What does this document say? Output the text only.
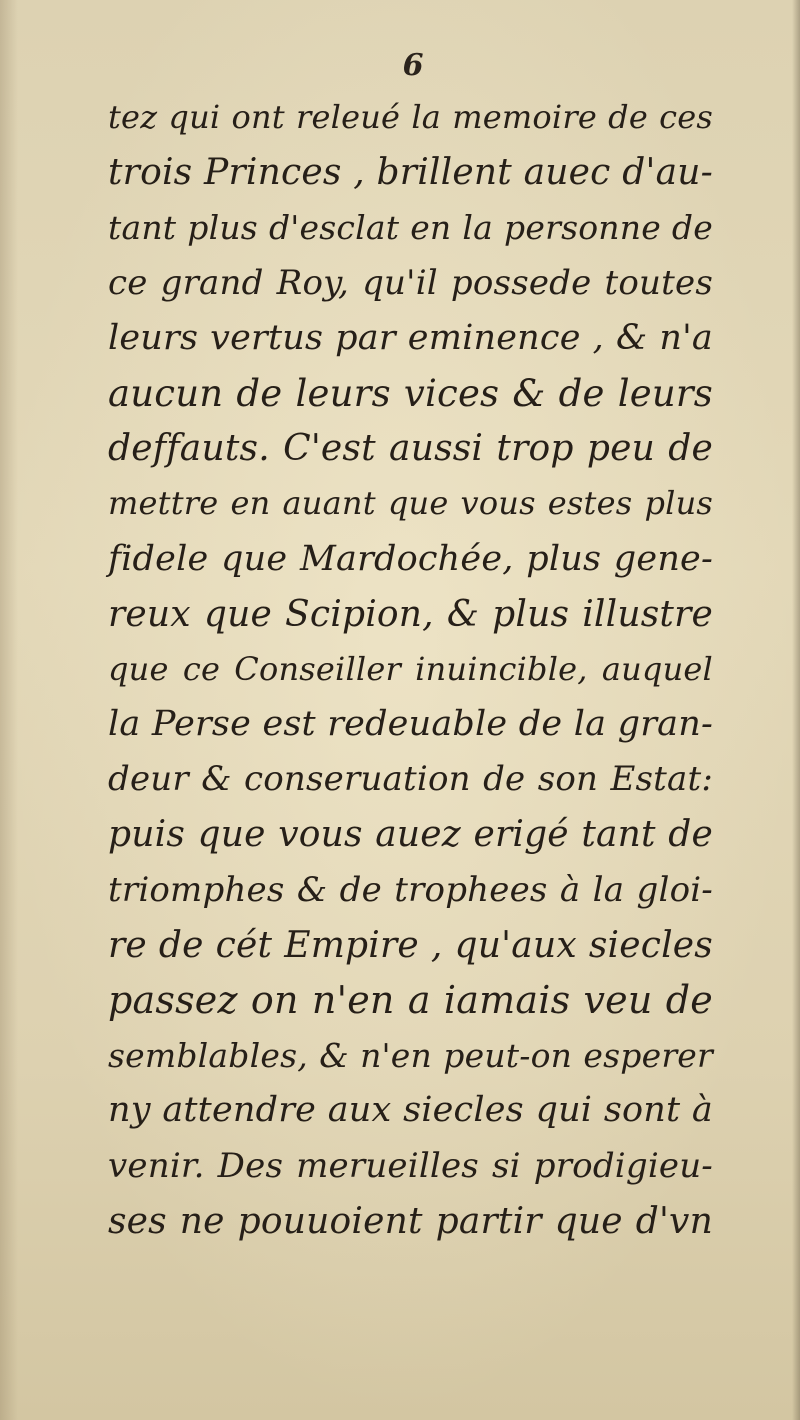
6
tez qui ont releué la memoire de ces
trois Princes , brillent auec d'au-
tant plus d'esclat en la personne de
ce grand Roy, qu'il possede toutes
leurs vertus par eminence , & n'a
aucun de leurs vices & de leurs
deffauts. C'est aussi trop peu de
mettre en auant que vous estes plus
fidele que Mardochée, plus gene-
reux que Scipion, & plus illustre
que ce Conseiller inuincible, auquel
la Perse est redeuable de la gran-
deur & conseruation de son Estat:
puis que vous auez erigé tant de
triomphes & de trophees à la gloi-
re de cét Empire , qu'aux siecles
passez on n'en a iamais veu de
semblables, & n'en peut-on esperer
ny attendre aux siecles qui sont à
venir. Des merueilles si prodigieu-
ses ne pouuoient partir que d'vn
